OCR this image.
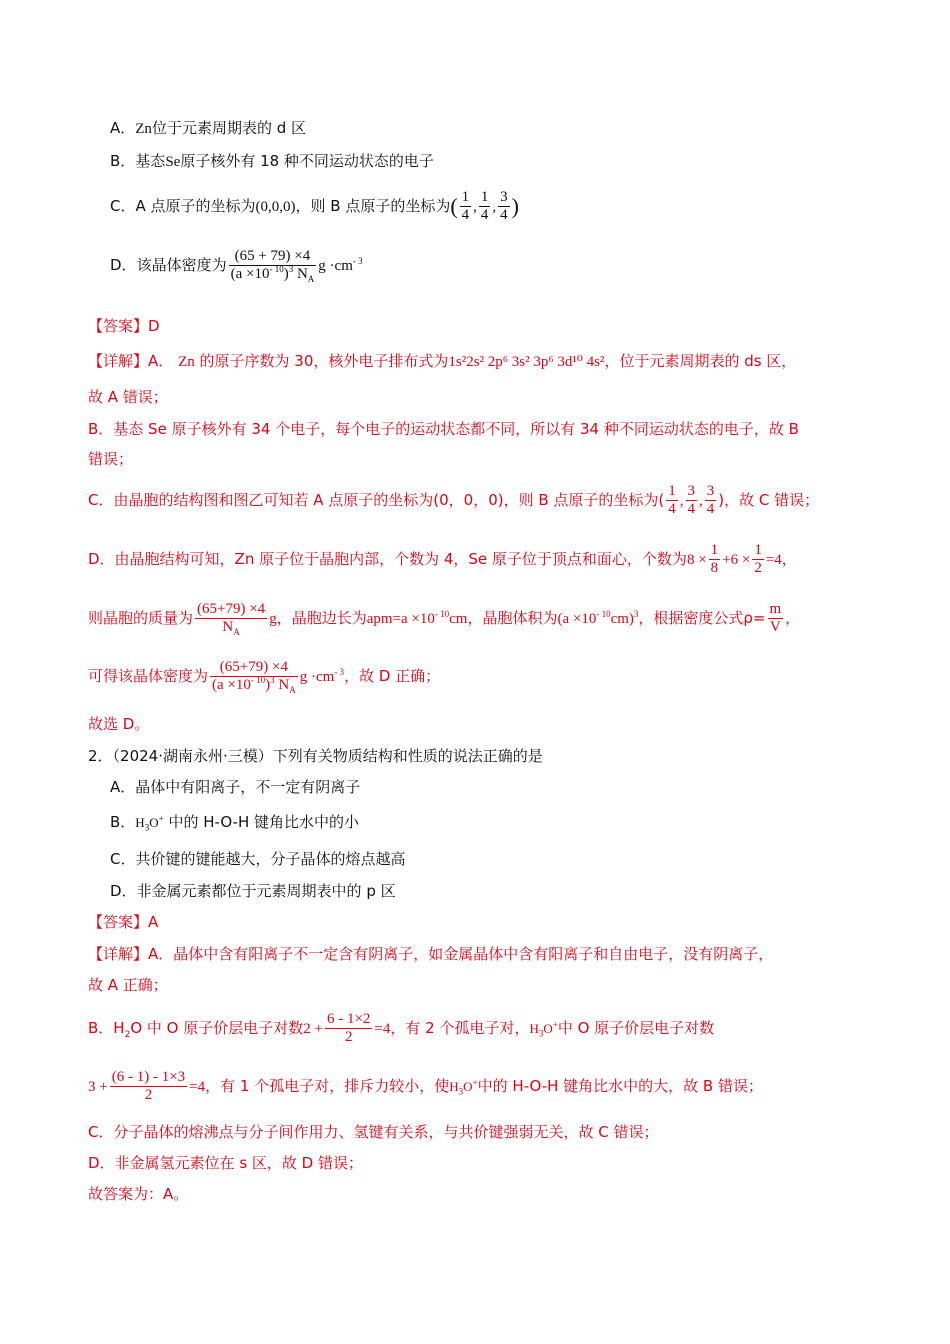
A．Zn位于元素周期表的 d 区
B．基态Se原子核外有 18 种不同运动状态的电子
C．A 点原子的坐标为(0,0,0)，则 B 点原子的坐标为( $\frac{1}{4}$ , $\frac{1}{4}$ , $\frac{3}{4}$ )
D．该晶体密度为 $\frac{(65 + 79) \times 4}{(a \times 10^{- 10})^3 N_A}$ $g \cdot cm^{- 3}$
【答案】D
【详解】A． Zn 的原子序数为 30，核外电子排布式为1s²2s² 2p⁶ 3s² 3p⁶ 3d¹⁰ 4s²，位于元素周期表的 ds 区，
故 A 错误；
B．基态 Se 原子核外有 34 个电子，每个电子的运动状态都不同，所以有 34 种不同运动状态的电子，故 B
错误；
C．由晶胞的结构图和图乙可知若 A 点原子的坐标为(0，0，0)，则 B 点原子的坐标为( $\frac{1}{4}$ , $\frac{3}{4}$ , $\frac{3}{4}$ )，故 C 错误；
D．由晶胞结构可知，Zn 原子位于晶胞内部，个数为 4，Se 原子位于顶点和面心，个数为$8 \times \frac{1}{8} +6 \times \frac{1}{2} =4$，
则晶胞的质量为 $\frac{(65+79) \times 4}{N_A}$ g，晶胞边长为$apm=a \times 10^{- 10}cm$，晶胞体积为$(a \times 10^{- 10}cm)^3$，根据密度公式$\rho= \frac{m}{V}$ ，
可得该晶体密度为 $\frac{(65+79) \times 4}{(a \times 10^{- 10})^3 N_A}$ $g \cdot cm^{- 3}$，故 D 正确；
故选 D。
2．（2024·湖南永州·三模）下列有关物质结构和性质的说法正确的是
A．晶体中有阳离子，不一定有阴离子
B．$H_3O^+$ 中的 H-O-H 键角比水中的小
C．共价键的键能越大，分子晶体的熔点越高
D．非金属元素都位于元素周期表中的 p 区
【答案】A
【详解】A．晶体中含有阳离子不一定含有阴离子，如金属晶体中含有阳离子和自由电子，没有阴离子，
故 A 正确；
B．$H_2O$ 中 O 原子价层电子对数$2 + \frac{6 - 1\times 2}{2} =4$，有 2 个孤电子对，$H_3O^+$中 O 原子价层电子对数
$3 + \frac{(6 - 1) - 1\times 3}{2} =4$，有 1 个孤电子对，排斥力较小，使$H_3O^+$中的 H-O-H 键角比水中的大，故 B 错误；
C．分子晶体的熔沸点与分子间作用力、氢键有关系，与共价键强弱无关，故 C 错误；
D．非金属氢元素位在 s 区，故 D 错误；
故答案为：A。
